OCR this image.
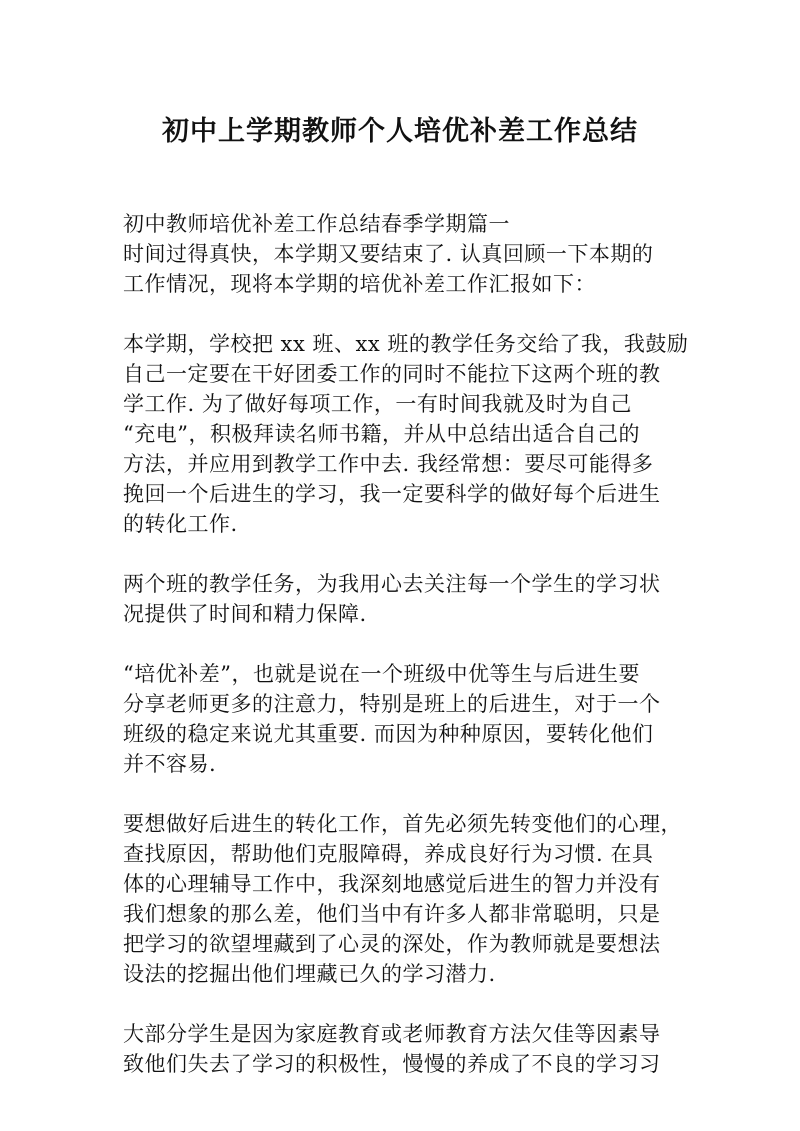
初中上学期教师个人培优补差工作总结
初中教师培优补差工作总结春季学期篇一
时间过得真快，本学期又要结束了. 认真回顾一下本期的
工作情况，现将本学期的培优补差工作汇报如下：
本学期，学校把 xx 班、xx 班的教学任务交给了我，我鼓励
自己一定要在干好团委工作的同时不能拉下这两个班的教
学工作. 为了做好每项工作，一有时间我就及时为自己
“充电”，积极拜读名师书籍，并从中总结出适合自己的
方法，并应用到教学工作中去. 我经常想：要尽可能得多
挽回一个后进生的学习，我一定要科学的做好每个后进生
的转化工作.
两个班的教学任务，为我用心去关注每一个学生的学习状
况提供了时间和精力保障.
“培优补差”，也就是说在一个班级中优等生与后进生要
分享老师更多的注意力，特别是班上的后进生，对于一个
班级的稳定来说尤其重要. 而因为种种原因，要转化他们
并不容易.
要想做好后进生的转化工作，首先必须先转变他们的心理，
查找原因，帮助他们克服障碍，养成良好行为习惯. 在具
体的心理辅导工作中，我深刻地感觉后进生的智力并没有
我们想象的那么差，他们当中有许多人都非常聪明，只是
把学习的欲望埋藏到了心灵的深处，作为教师就是要想法
设法的挖掘出他们埋藏已久的学习潜力.
大部分学生是因为家庭教育或老师教育方法欠佳等因素导
致他们失去了学习的积极性，慢慢的养成了不良的学习习
